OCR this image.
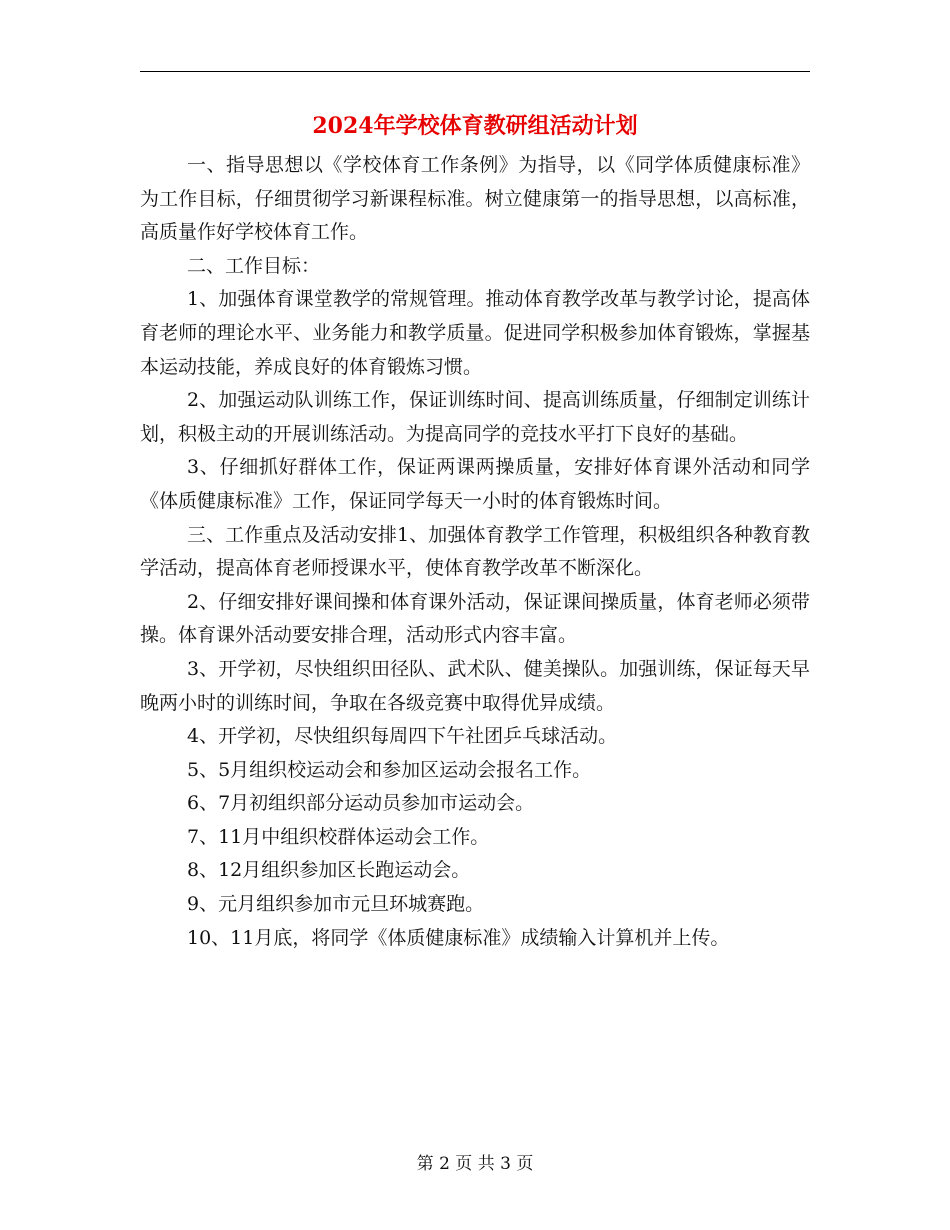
2024年学校体育教研组活动计划

一、指导思想以《学校体育工作条例》为指导，以《同学体质健康标准》为工作目标，仔细贯彻学习新课程标准。树立健康第一的指导思想，以高标准，高质量作好学校体育工作。

二、工作目标：

1、加强体育课堂教学的常规管理。推动体育教学改革与教学讨论，提高体育老师的理论水平、业务能力和教学质量。促进同学积极参加体育锻炼，掌握基本运动技能，养成良好的体育锻炼习惯。

2、加强运动队训练工作，保证训练时间、提高训练质量，仔细制定训练计划，积极主动的开展训练活动。为提高同学的竞技水平打下良好的基础。

3、仔细抓好群体工作，保证两课两操质量，安排好体育课外活动和同学《体质健康标准》工作，保证同学每天一小时的体育锻炼时间。

三、工作重点及活动安排1、加强体育教学工作管理，积极组织各种教育教学活动，提高体育老师授课水平，使体育教学改革不断深化。

2、仔细安排好课间操和体育课外活动，保证课间操质量，体育老师必须带操。体育课外活动要安排合理，活动形式内容丰富。

3、开学初，尽快组织田径队、武术队、健美操队。加强训练，保证每天早晚两小时的训练时间，争取在各级竞赛中取得优异成绩。

4、开学初，尽快组织每周四下午社团乒乓球活动。

5、5月组织校运动会和参加区运动会报名工作。

6、7月初组织部分运动员参加市运动会。

7、11月中组织校群体运动会工作。

8、12月组织参加区长跑运动会。

9、元月组织参加市元旦环城赛跑。

10、11月底，将同学《体质健康标准》成绩输入计算机并上传。

第 2 页 共 3 页
